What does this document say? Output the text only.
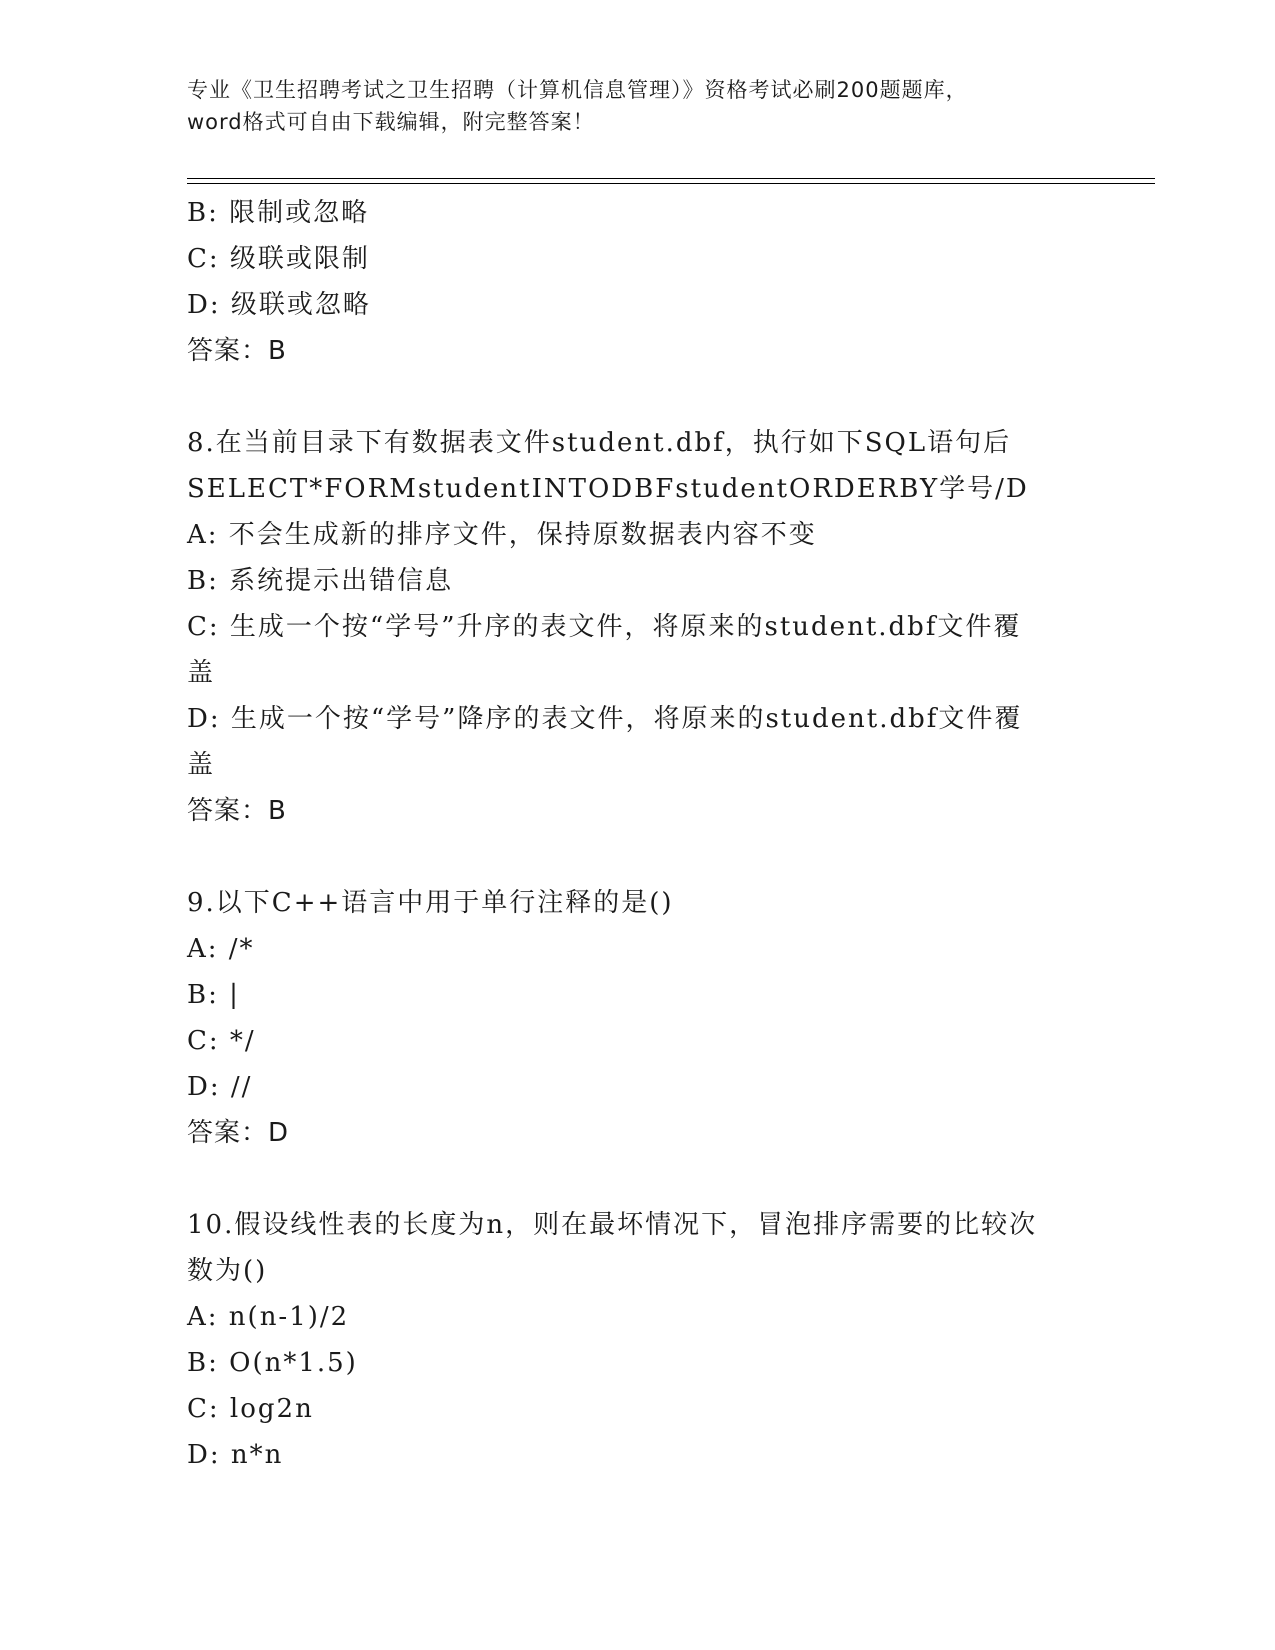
专业《卫生招聘考试之卫生招聘（计算机信息管理）》资格考试必刷200题题库，
word格式可自由下载编辑，附完整答案！
B: 限制或忽略
C: 级联或限制
D: 级联或忽略
答案：B
8.在当前目录下有数据表文件student.dbf，执行如下SQL语句后
SELECT*FORMstudentINTODBFstudentORDERBY学号/D
A: 不会生成新的排序文件，保持原数据表内容不变
B: 系统提示出错信息
C: 生成一个按“学号”升序的表文件，将原来的student.dbf文件覆
盖
D: 生成一个按“学号”降序的表文件，将原来的student.dbf文件覆
盖
答案：B
9.以下C++语言中用于单行注释的是()
A: /*
B: |
C: */
D: //
答案：D
10.假设线性表的长度为n，则在最坏情况下，冒泡排序需要的比较次
数为()
A: n(n-1)/2
B: O(n*1.5)
C: log2n
D: n*n
